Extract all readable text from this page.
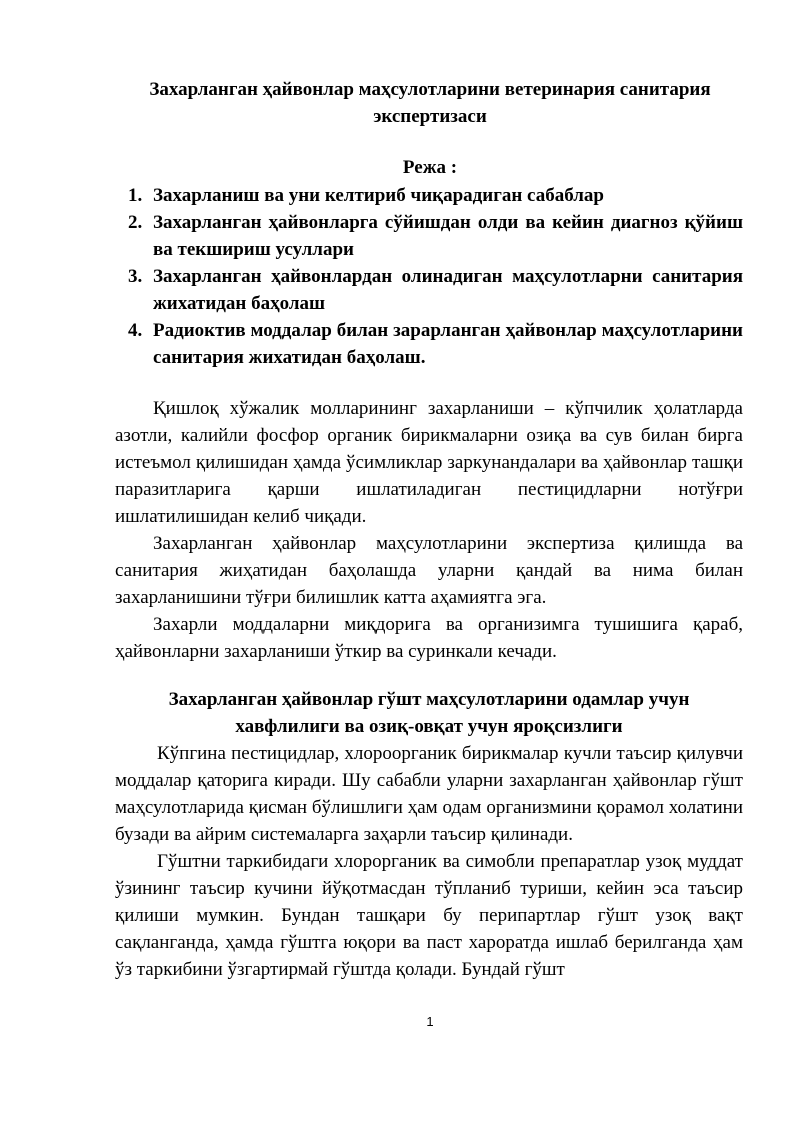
Захарланган ҳайвонлар маҳсулотларини ветеринария санитария экспертизаси
Режа :
1. Захарланиш ва уни келтириб чиқарадиган сабаблар
2. Захарланган ҳайвонларга сўйишдан олди ва кейин диагноз қўйиш ва текшириш усуллари
3. Захарланган ҳайвонлардан олинадиган маҳсулотларни санитария жихатидан баҳолаш
4. Радиоктив моддалар билан зарарланган ҳайвонлар маҳсулотларини санитария жихатидан баҳолаш.

Қишлоқ хўжалик молларининг захарланиши – кўпчилик ҳолатларда азотли, калийли фосфор органик бирикмаларни озиқа ва сув билан бирга истеъмол қилишидан ҳамда ўсимликлар заркунандалари ва ҳайвонлар ташқи паразитларига қарши ишлатиладиган пестицидларни нотўғри ишлатилишидан келиб чиқади.

Захарланган ҳайвонлар маҳсулотларини экспертиза қилишда ва санитария жиҳатидан баҳолашда уларни қандай ва нима билан захарланишини тўғри билишлик катта аҳамиятга эга.

Захарли моддаларни миқдорига ва организимга тушишига қараб, ҳайвонларни захарланиши ўткир ва суринкали кечади.

Захарланган ҳайвонлар гўшт маҳсулотларини одамлар учун хавфлилиги ва озиқ-овқат учун яроқсизлиги

Кўпгина пестицидлар, хлороорганик бирикмалар кучли таъсир қилувчи моддалар қаторига киради. Шу сабабли уларни захарланган ҳайвонлар гўшт маҳсулотларида қисман бўлишлиги ҳам одам организмини қорамол холатини бузади ва айрим системаларга заҳарли таъсир қилинади.

Гўштни таркибидаги хлорорганик ва симобли препаратлар узоқ муддат ўзининг таъсир кучини йўқотмасдан тўпланиб туриши, кейин эса таъсир қилиши мумкин. Бундан ташқари бу перипартлар гўшт узоқ вақт сақланганда, ҳамда гўштга юқори ва паст хароратда ишлаб берилганда ҳам ўз таркибини ўзгартирмай гўштда қолади. Бундай гўшт

1
